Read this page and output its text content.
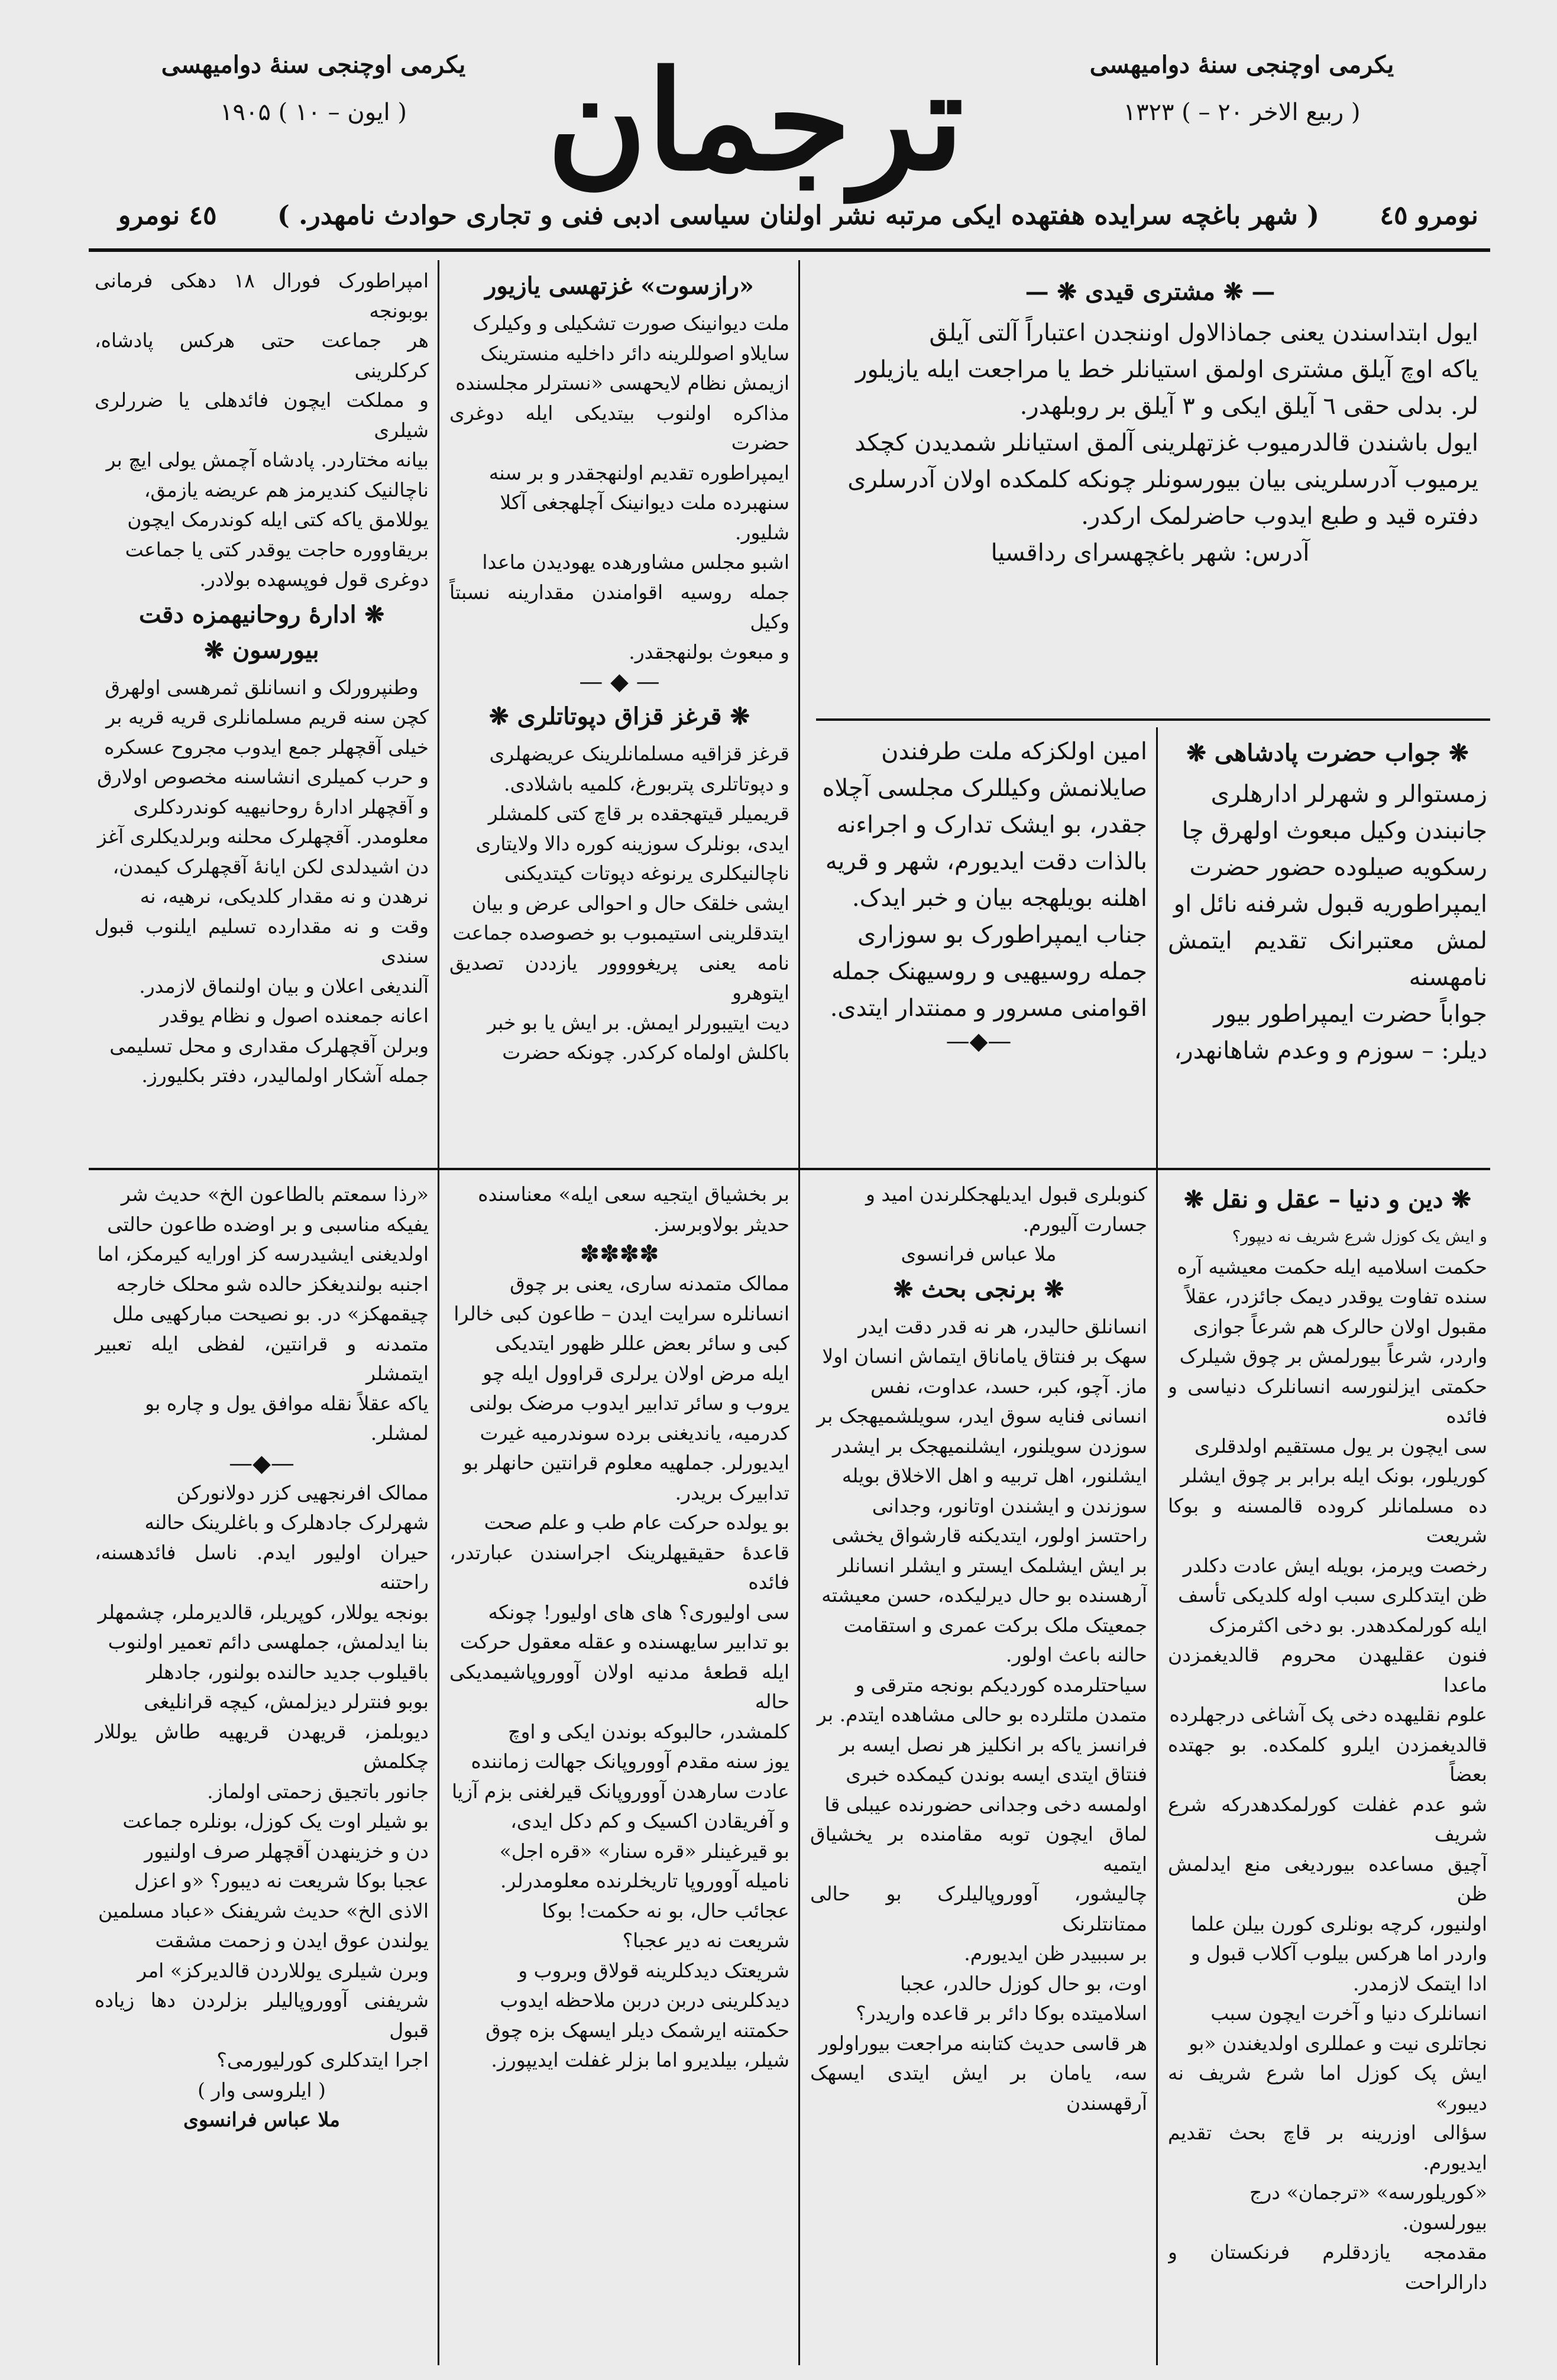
یکرمی اوچنجی سنهٔ دوامیهسی
( ایون – ۱۰ ) ۱۹۰۵
یکرمی اوچنجی سنهٔ دوامیهسی
( ربیع الاخر ۲۰ – ) ۱۳۲۳
ترجمان
٤٥ نومرو ( شهر باغچه سرایده هفتهده ایکی مرتبه نشر اولنان سیاسی ادبی فنی و تجاری حوادث نامهدر. ) نومرو ٤٥

— ❋ مشتری قیدی ❋ —

ایول ابتداسندن یعنی جماذالاول اوننجدن اعتباراً آلتی آیلق

یاکه اوچ آیلق مشتری اولمق استیانلر خط یا مراجعت ایله یازیلور

لر. بدلی حقی ٦ آیلق ایکی و ٣ آیلق بر روبلهدر.

ایول باشندن قالدرمیوب غزتهلرینی آلمق استیانلر شمدیدن کچکد

یرمیوب آدرسلرینی بیان بیورسونلر چونکه کلمکده اولان آدرسلری

دفتره قید و طبع ایدوب حاضرلمک ارکدر.

آدرس: شهر باغچهسرای رداقسیا

❋ جواب حضرت پادشاهی ❋

زمستوالر و شهرلر ادارهلری

جانبندن وکیل مبعوث اولهرق چا

رسکویه صیلوده حضور حضرت

ایمپراطوریه قبول شرفنه نائل او

لمش معتبرانک تقدیم ایتمش نامهسنه

جواباً حضرت ایمپراطور بیور

دیلر: – سوزم و وعدم شاهانهدر،

❋ دین و دنیا – عقل و نقل ❋

و ایش یک کوزل شرع شریف نه دیپور؟

حکمت اسلامیه ایله حکمت معیشیه آره

سنده تفاوت یوقدر دیمک جائزدر، عقلاً

مقبول اولان حالرک هم شرعاً جوازی

واردر، شرعاً بیورلمش بر چوق شیلرک

حکمتی ایزلنورسه انسانلرک دنیاسی و فائده

سی ایچون بر یول مستقیم اولدقلری

کوریلور، بونک ایله برابر بر چوق ایشلر

ده مسلمانلر کروده قالمسنه و بوکا شریعت

رخصت ویرمز، بویله ایش عادت دکلدر

ظن ایتدکلری سبب اوله کلدیکی تأسف

ایله کورلمکدهدر. بو دخی اکثرمزک

فنون عقلیهدن محروم قالدیغمزدن ماعدا

علوم نقلیهده دخی پک آشاغی درجهلرده

قالدیغمزدن ایلرو کلمکده. بو جهتده بعضاً

شو عدم غفلت کورلمکدهدرکه شرع شریف

آچیق مساعده بیوردیغی منع ایدلمش ظن

اولنیور، کرچه بونلری کورن بیلن علما

واردر اما هرکس بیلوب آکلاب قبول و

ادا ایتمک لازمدر.

انسانلرک دنیا و آخرت ایچون سبب

نجاتلری نیت و عمللری اولدیغندن «بو

ایش پک کوزل اما شرع شریف نه دیبور»

سؤالی اوزرینه بر قاچ بحث تقدیم ایدیورم.

«کوریلورسه» «ترجمان» درج

بیورلسون.

مقدمجه یازدقلرم فرنکستان و دارالراحت

امین اولکزکه ملت طرفندن

صایلانمش وکیللرک مجلسی آچلاه

جقدر، بو ایشک تدارک و اجراءنه

بالذات دقت ایدیورم، شهر و قریه

اهلنه بویلهجه بیان و خبر ایدک.

جناب ایمپراطورک بو سوزاری

جمله روسیهیی و روسیهنک جمله

اقوامنی مسرور و ممنتدار ایتدی.

—◆—

کنوبلری قبول ایدیلهجکلرندن امید و

جسارت آلیورم.

ملا عباس فرانسوی

❋ برنجی بحث ❋

انسانلق حالیدر، هر نه قدر دقت ایدر

سهک بر فنتاق یاماناق ایتماش انسان اولا

ماز. آچو، کبر، حسد، عداوت، نفس

انسانی فنایه سوق ایدر، سویلشمیهجک بر

سوزدن سویلنور، ایشلنمیهجک بر ایشدر

ایشلنور، اهل تربیه و اهل الاخلاق بویله

سوزندن و ایشندن اوتانور، وجدانی

راحتسز اولور، ایتدیکنه قارشواق یخشی

بر ایش ایشلمک ایستر و ایشلر انسانلر

آرهسنده بو حال دیرلیکده، حسن معیشته

جمعیتک ملک برکت عمری و استقامت

حالنه باعث اولور.

سیاحتلرمده کوردیکم بونجه مترقی و

متمدن ملتلرده بو حالی مشاهده ایتدم. بر

فرانسز یاکه بر انکلیز هر نصل ایسه بر

فنتاق ایتدی ایسه بوندن کیمکده خبری

اولمسه دخی وجدانی حضورنده عیبلی قا

لماق ایچون توبه مقامنده بر یخشیاق ایتمیه

چالیشور، آووروپالیلرک بو حالی ممتانتلرنک

بر سببیدر ظن ایدیورم.

اوت، بو حال کوزل حالدر، عجبا

اسلامیتده بوکا دائر بر قاعده واریدر؟

هر قاسی حدیث کتابنه مراجعت بیوراولور

سه، یامان بر ایش ایتدی ایسهک آرقهسندن

«رازسوت» غزتهسی یازیور

ملت دیوانینک صورت تشکیلی و وکیلرک

سایلاو اصوللرینه دائر داخلیه منسترینک

ازیمش نظام لایحهسی «نسترلر مجلسنده

مذاکره اولنوب بیتدیکی ایله دوغری حضرت

ایمپراطوره تقدیم اولنهجقدر و بر سنه

سنهبرده ملت دیوانینک آچلهجغی آکلا

شلیور.

اشبو مجلس مشاورهده یهودیدن ماعدا

جمله روسیه اقوامندن مقدارینه نسبتاً وکیل

و مبعوث بولنهجقدر.

— ◆ —

❋ قرغز قزاق دپوتاتلری ❋

قرغز قزاقیه مسلمانلرینک عریضهلری

و دپوتاتلری پتربورغ، کلمیه باشلادی.

قریمیلر قیتهجقده بر قاچ کتی کلمشلر

ایدی، بونلرک سوزینه کوره دالا ولایتاری

ناچالنیکلری یرنوغه دپوتات کیتدیکنی

ایشی خلقک حال و احوالی عرض و بیان

ایتدقلرینی استیمبوب بو خصوصده جماعت

نامه یعنی پریغوووور یازددن تصدیق ایتوهرو

دیت ایتیبورلر ایمش. بر ایش یا بو خبر

باکلش اولماه کرکدر. چونکه حضرت

بر بخشیاق ایتجیه سعی ایله» معناسنده

حدیثر بولاوبرسز.

✽✽✽✽

ممالک متمدنه ساری، یعنی بر چوق

انسانلره سرایت ایدن – طاعون کبی خالرا

کبی و سائر بعض عللر ظهور ایتدیکی

ایله مرض اولان یرلری قراوول ایله چو

یروب و سائر تدابیر ایدوب مرضک بولنی

کدرمیه، یاندیغنی برده سوندرمیه غیرت

ایدیورلر. جملهیه معلوم قرانتین حانهلر بو

تدابیرک بریدر.

بو یولده حرکت عام طب و علم صحت

قاعدهٔ حقیقیهلرینک اجراسندن عبارتدر، فائده

سی اولیوری؟ های های اولیور! چونکه

بو تدابیر سایهسنده و عقله معقول حرکت

ایله قطعهٔ مدنیه اولان آووروپاشیمدیکی حاله

کلمشدر، حالبوکه بوندن ایکی و اوچ

یوز سنه مقدم آووروپانک جهالت زماننده

عادت سارهدن آووروپانک قیرلغنی بزم آزیا

و آفریقادن اکسیک و کم دکل ایدی،

بو قیرغینلر «قره سنار» «قره اجل»

نامیله آووروپا تاریخلرنده معلومدرلر.

عجائب حال، بو نه حکمت! بوکا

شریعت نه دیر عجبا؟

شریعتک دیدکلرینه قولاق وبروب و

دیدکلرینی دربن دربن ملاحظه ایدوب

حکمتنه ایرشمک دیلر ایسهک بزه چوق

شیلر، بیلدیرو اما بزلر غفلت ایدیپورز.

امپراطورک فورال ۱۸ دهکی فرمانی بوبونجه

هر جماعت حتی هرکس پادشاه، کرکلرینی

و مملکت ایچون فائدهلی یا ضررلری شیلری

بیانه مختاردر. پادشاه آچمش یولی ایچ بر

ناچالنیک کندیرمز هم عریضه یازمق،

یوللامق یاکه کتی ایله کوندرمک ایچون

بریقاووره حاجت یوقدر کتی یا جماعت

دوغری قول فوپسهده بولادر.

❋ ادارهٔ روحانیهمزه دقت بیورسون ❋

وطنپرورلک و انسانلق ثمرهسی اولهرق

کچن سنه قریم مسلمانلری قریه قریه بر

خیلی آقچهلر جمع ایدوب مجروح عسکره

و حرب کمیلری انشاسنه مخصوص اولارق

و آقچهلر ادارهٔ روحانیهیه کوندردکلری

معلومدر. آقچهلرک محلنه وبرلدیکلری آغز

دن اشیدلدی لکن ایانهٔ آقچهلرک کیمدن،

نرهدن و نه مقدار کلدیکی، نرهیه، نه

وقت و نه مقدارده تسلیم ایلنوب قبول سندی

آلندیغی اعلان و بیان اولنماق لازمدر.

اعانه جمعنده اصول و نظام یوقدر

وبرلن آقچهلرک مقداری و محل تسلیمی

جمله آشکار اولمالیدر، دفتر بکلیورز.

«رذا سمعتم بالطاعون الخ» حدیث شر

یفیکه مناسبی و بر اوضده طاعون حالتی

اولدیغنی ایشیدرسه کز اورایه کیرمکز، اما

اجنبه بولندیغکز حالده شو محلک خارجه

چیقمهکز» در. بو نصیحت مبارکهیی ملل

متمدنه و قرانتین، لفظی ایله تعبیر ایتمشلر

یاکه عقلاً نقله موافق یول و چاره بو

لمشلر.

—◆—

ممالک افرنجهیی کزر دولانورکن

شهرلرک جادهلرک و باغلرینک حالنه

حیران اولیور ایدم. ناسل فائدهسنه، راحتنه

بونجه یوللار، کوپریلر، قالدیرملر، چشمهلر

بنا ایدلمش، جملهسی دائم تعمیر اولنوب

باقیلوب جدید حالنده بولنور، جادهلر

بوبو فنترلر دیزلمش، کیچه قرانلیغی

دیوبلمز، قریهدن قریهیه طاش یوللار چکلمش

جانور باتجیق زحمتی اولماز.

بو شیلر اوت یک کوزل، بونلره جماعت

دن و خزینهدن آقچهلر صرف اولنیور

عجبا بوکا شریعت نه دیبور؟ «و اعزل

الاذی الخ» حدیث شریفنک «عباد مسلمین

یولندن عوق ایدن و زحمت مشقت

وبرن شیلری یوللاردن قالدیرکز» امر

شریفنی آووروپالیلر بزلردن دها زیاده قبول

اجرا ایتدکلری کورلیورمی؟

( ایلروسی وار )

ملا عباس فرانسوی
